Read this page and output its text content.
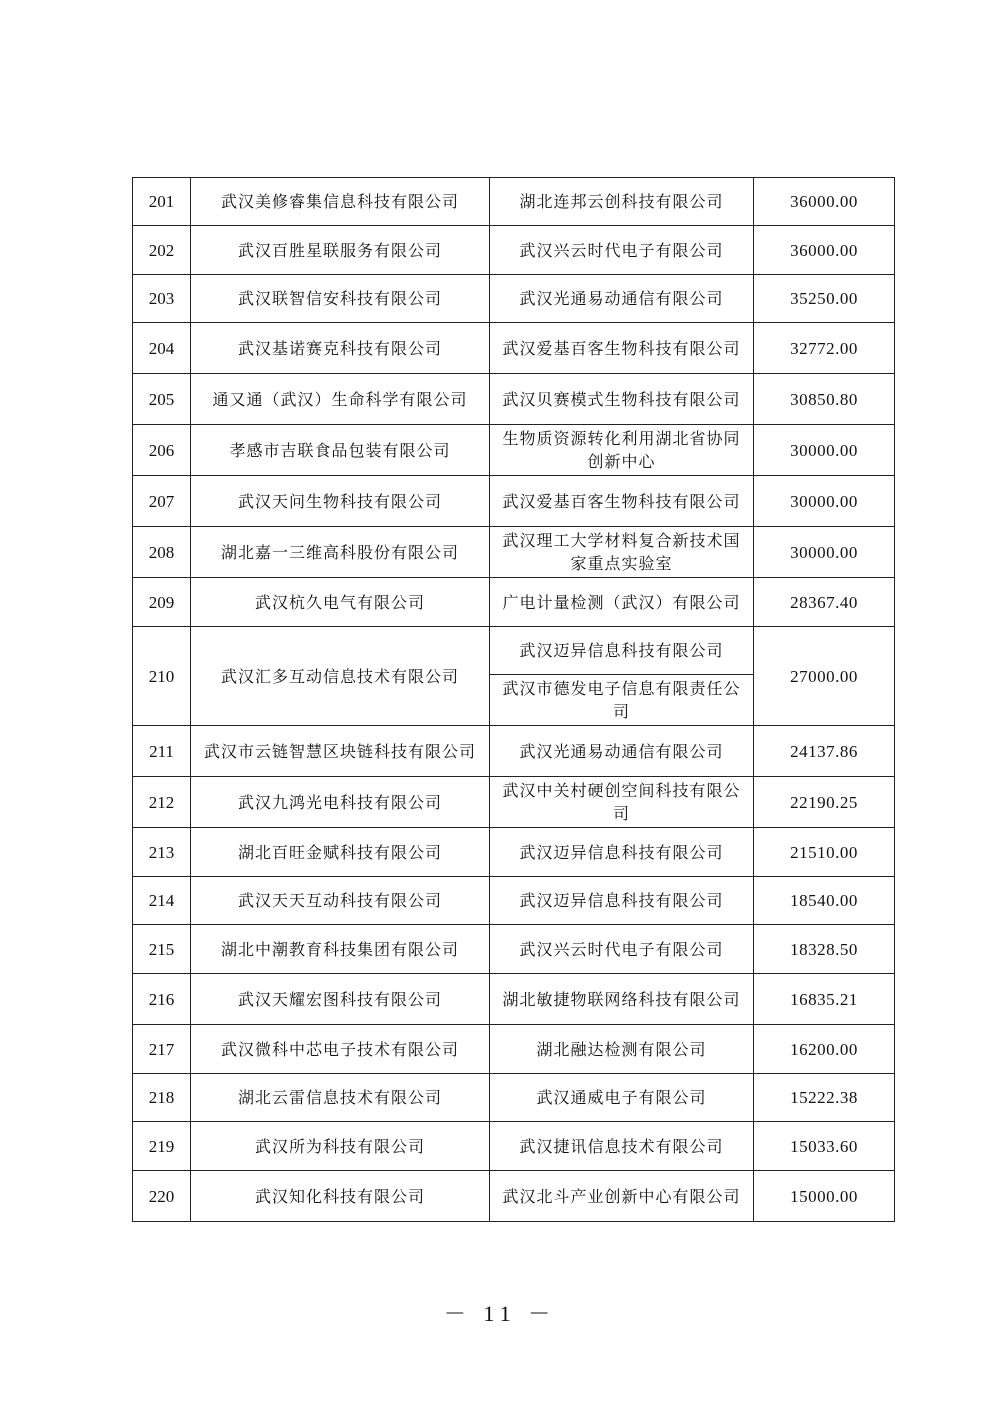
201	武汉美修睿集信息科技有限公司	湖北连邦云创科技有限公司	36000.00
202	武汉百胜星联服务有限公司	武汉兴云时代电子有限公司	36000.00
203	武汉联智信安科技有限公司	武汉光通易动通信有限公司	35250.00
204	武汉基诺赛克科技有限公司	武汉爱基百客生物科技有限公司	32772.00
205	通又通（武汉）生命科学有限公司	武汉贝赛模式生物科技有限公司	30850.80
206	孝感市吉联食品包装有限公司	生物质资源转化利用湖北省协同创新中心	30000.00
207	武汉天问生物科技有限公司	武汉爱基百客生物科技有限公司	30000.00
208	湖北嘉一三维高科股份有限公司	武汉理工大学材料复合新技术国家重点实验室	30000.00
209	武汉杭久电气有限公司	广电计量检测（武汉）有限公司	28367.40
210	武汉汇多互动信息技术有限公司	武汉迈异信息科技有限公司	27000.00
		武汉市德发电子信息有限责任公司	
211	武汉市云链智慧区块链科技有限公司	武汉光通易动通信有限公司	24137.86
212	武汉九鸿光电科技有限公司	武汉中关村硬创空间科技有限公司	22190.25
213	湖北百旺金赋科技有限公司	武汉迈异信息科技有限公司	21510.00
214	武汉天天互动科技有限公司	武汉迈异信息科技有限公司	18540.00
215	湖北中潮教育科技集团有限公司	武汉兴云时代电子有限公司	18328.50
216	武汉天耀宏图科技有限公司	湖北敏捷物联网络科技有限公司	16835.21
217	武汉微科中芯电子技术有限公司	湖北融达检测有限公司	16200.00
218	湖北云雷信息技术有限公司	武汉通威电子有限公司	15222.38
219	武汉所为科技有限公司	武汉捷讯信息技术有限公司	15033.60
220	武汉知化科技有限公司	武汉北斗产业创新中心有限公司	15000.00
－ 11 －
